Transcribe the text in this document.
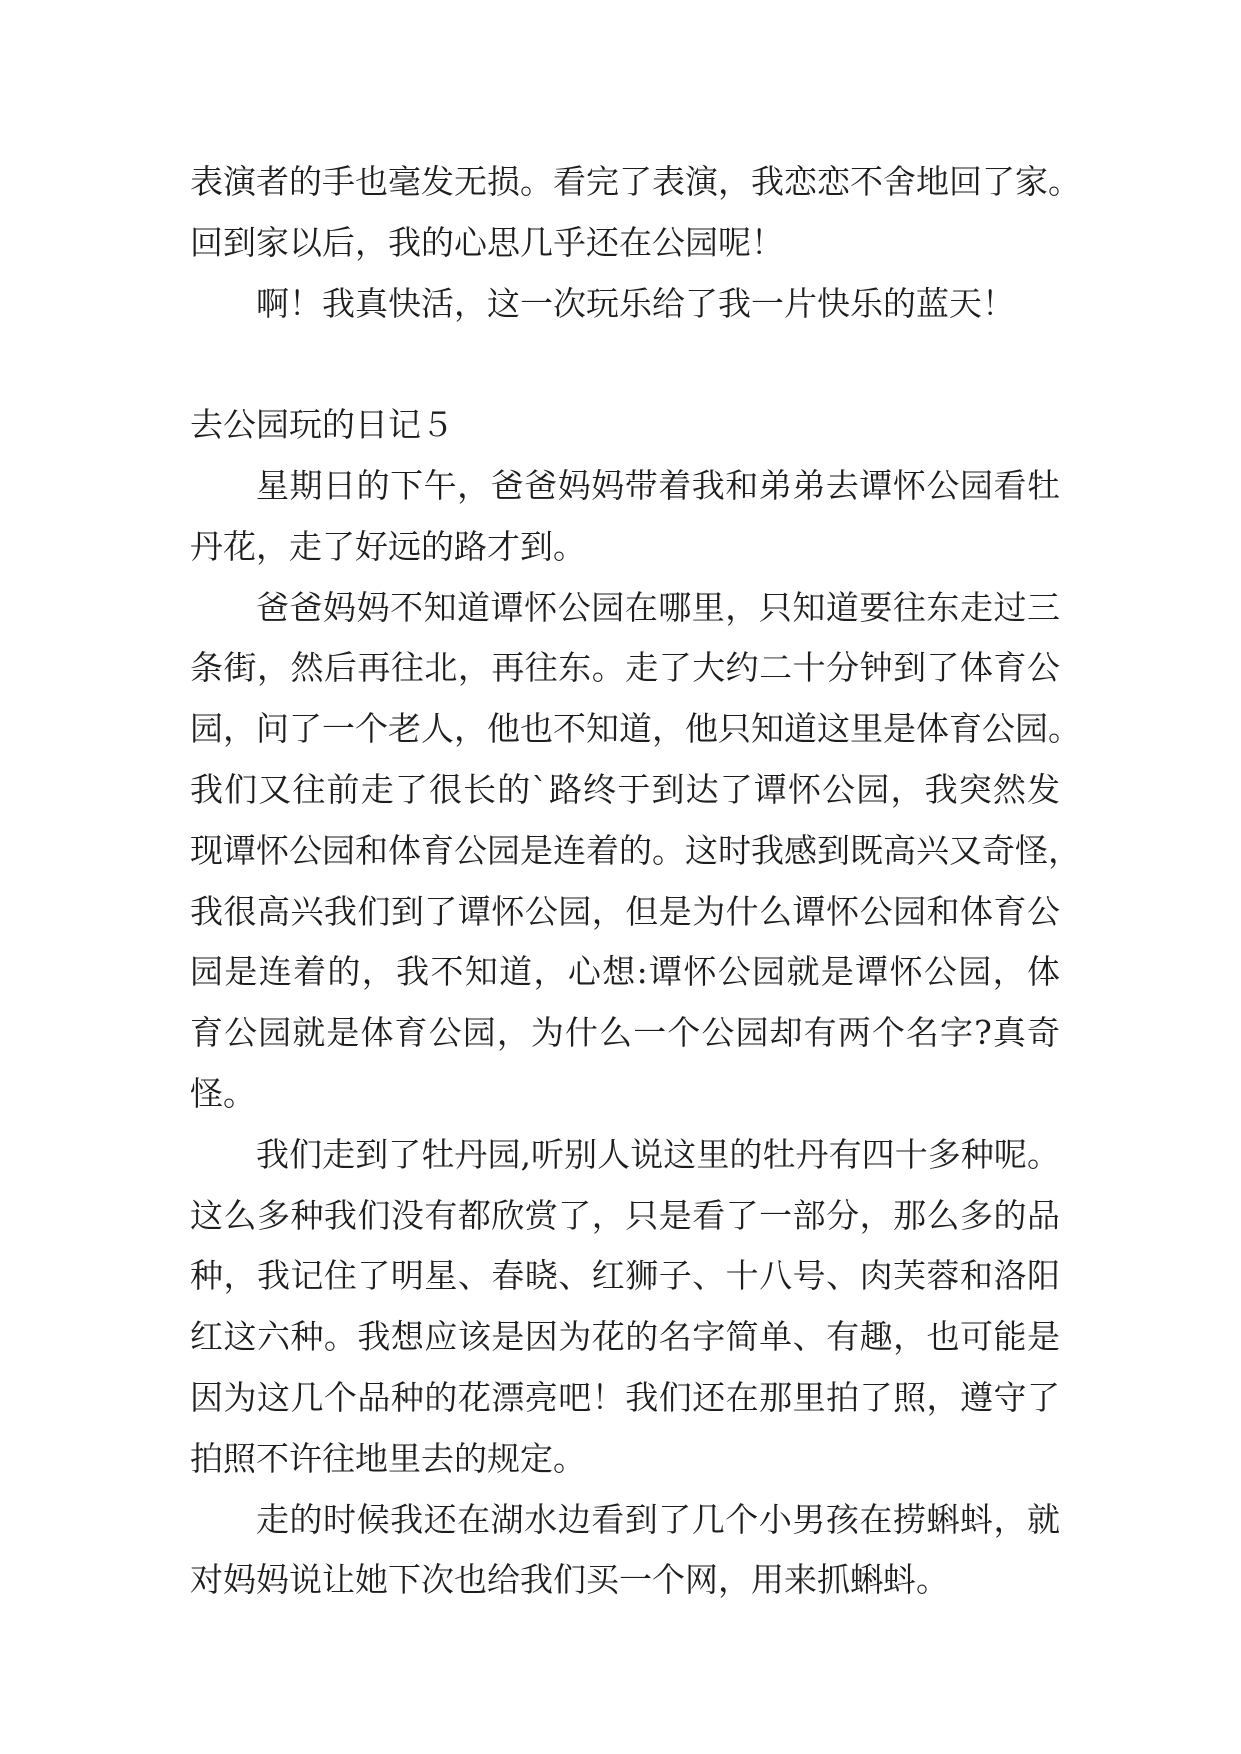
表演者的手也毫发无损。看完了表演，我恋恋不舍地回了家。
回到家以后，我的心思几乎还在公园呢！
啊！我真快活，这一次玩乐给了我一片快乐的蓝天！
去公园玩的日记５
星期日的下午，爸爸妈妈带着我和弟弟去谭怀公园看牡
丹花，走了好远的路才到。
爸爸妈妈不知道谭怀公园在哪里，只知道要往东走过三
条街，然后再往北，再往东。走了大约二十分钟到了体育公
园，问了一个老人，他也不知道，他只知道这里是体育公园。
我们又往前走了很长的`路终于到达了谭怀公园，我突然发
现谭怀公园和体育公园是连着的。这时我感到既高兴又奇怪，
我很高兴我们到了谭怀公园，但是为什么谭怀公园和体育公
园是连着的，我不知道，心想:谭怀公园就是谭怀公园，体
育公园就是体育公园，为什么一个公园却有两个名字?真奇
怪。
我们走到了牡丹园,听别人说这里的牡丹有四十多种呢。
这么多种我们没有都欣赏了，只是看了一部分，那么多的品
种，我记住了明星、春晓、红狮子、十八号、肉芙蓉和洛阳
红这六种。我想应该是因为花的名字简单、有趣，也可能是
因为这几个品种的花漂亮吧！我们还在那里拍了照，遵守了
拍照不许往地里去的规定。
走的时候我还在湖水边看到了几个小男孩在捞蝌蚪，就
对妈妈说让她下次也给我们买一个网，用来抓蝌蚪。
